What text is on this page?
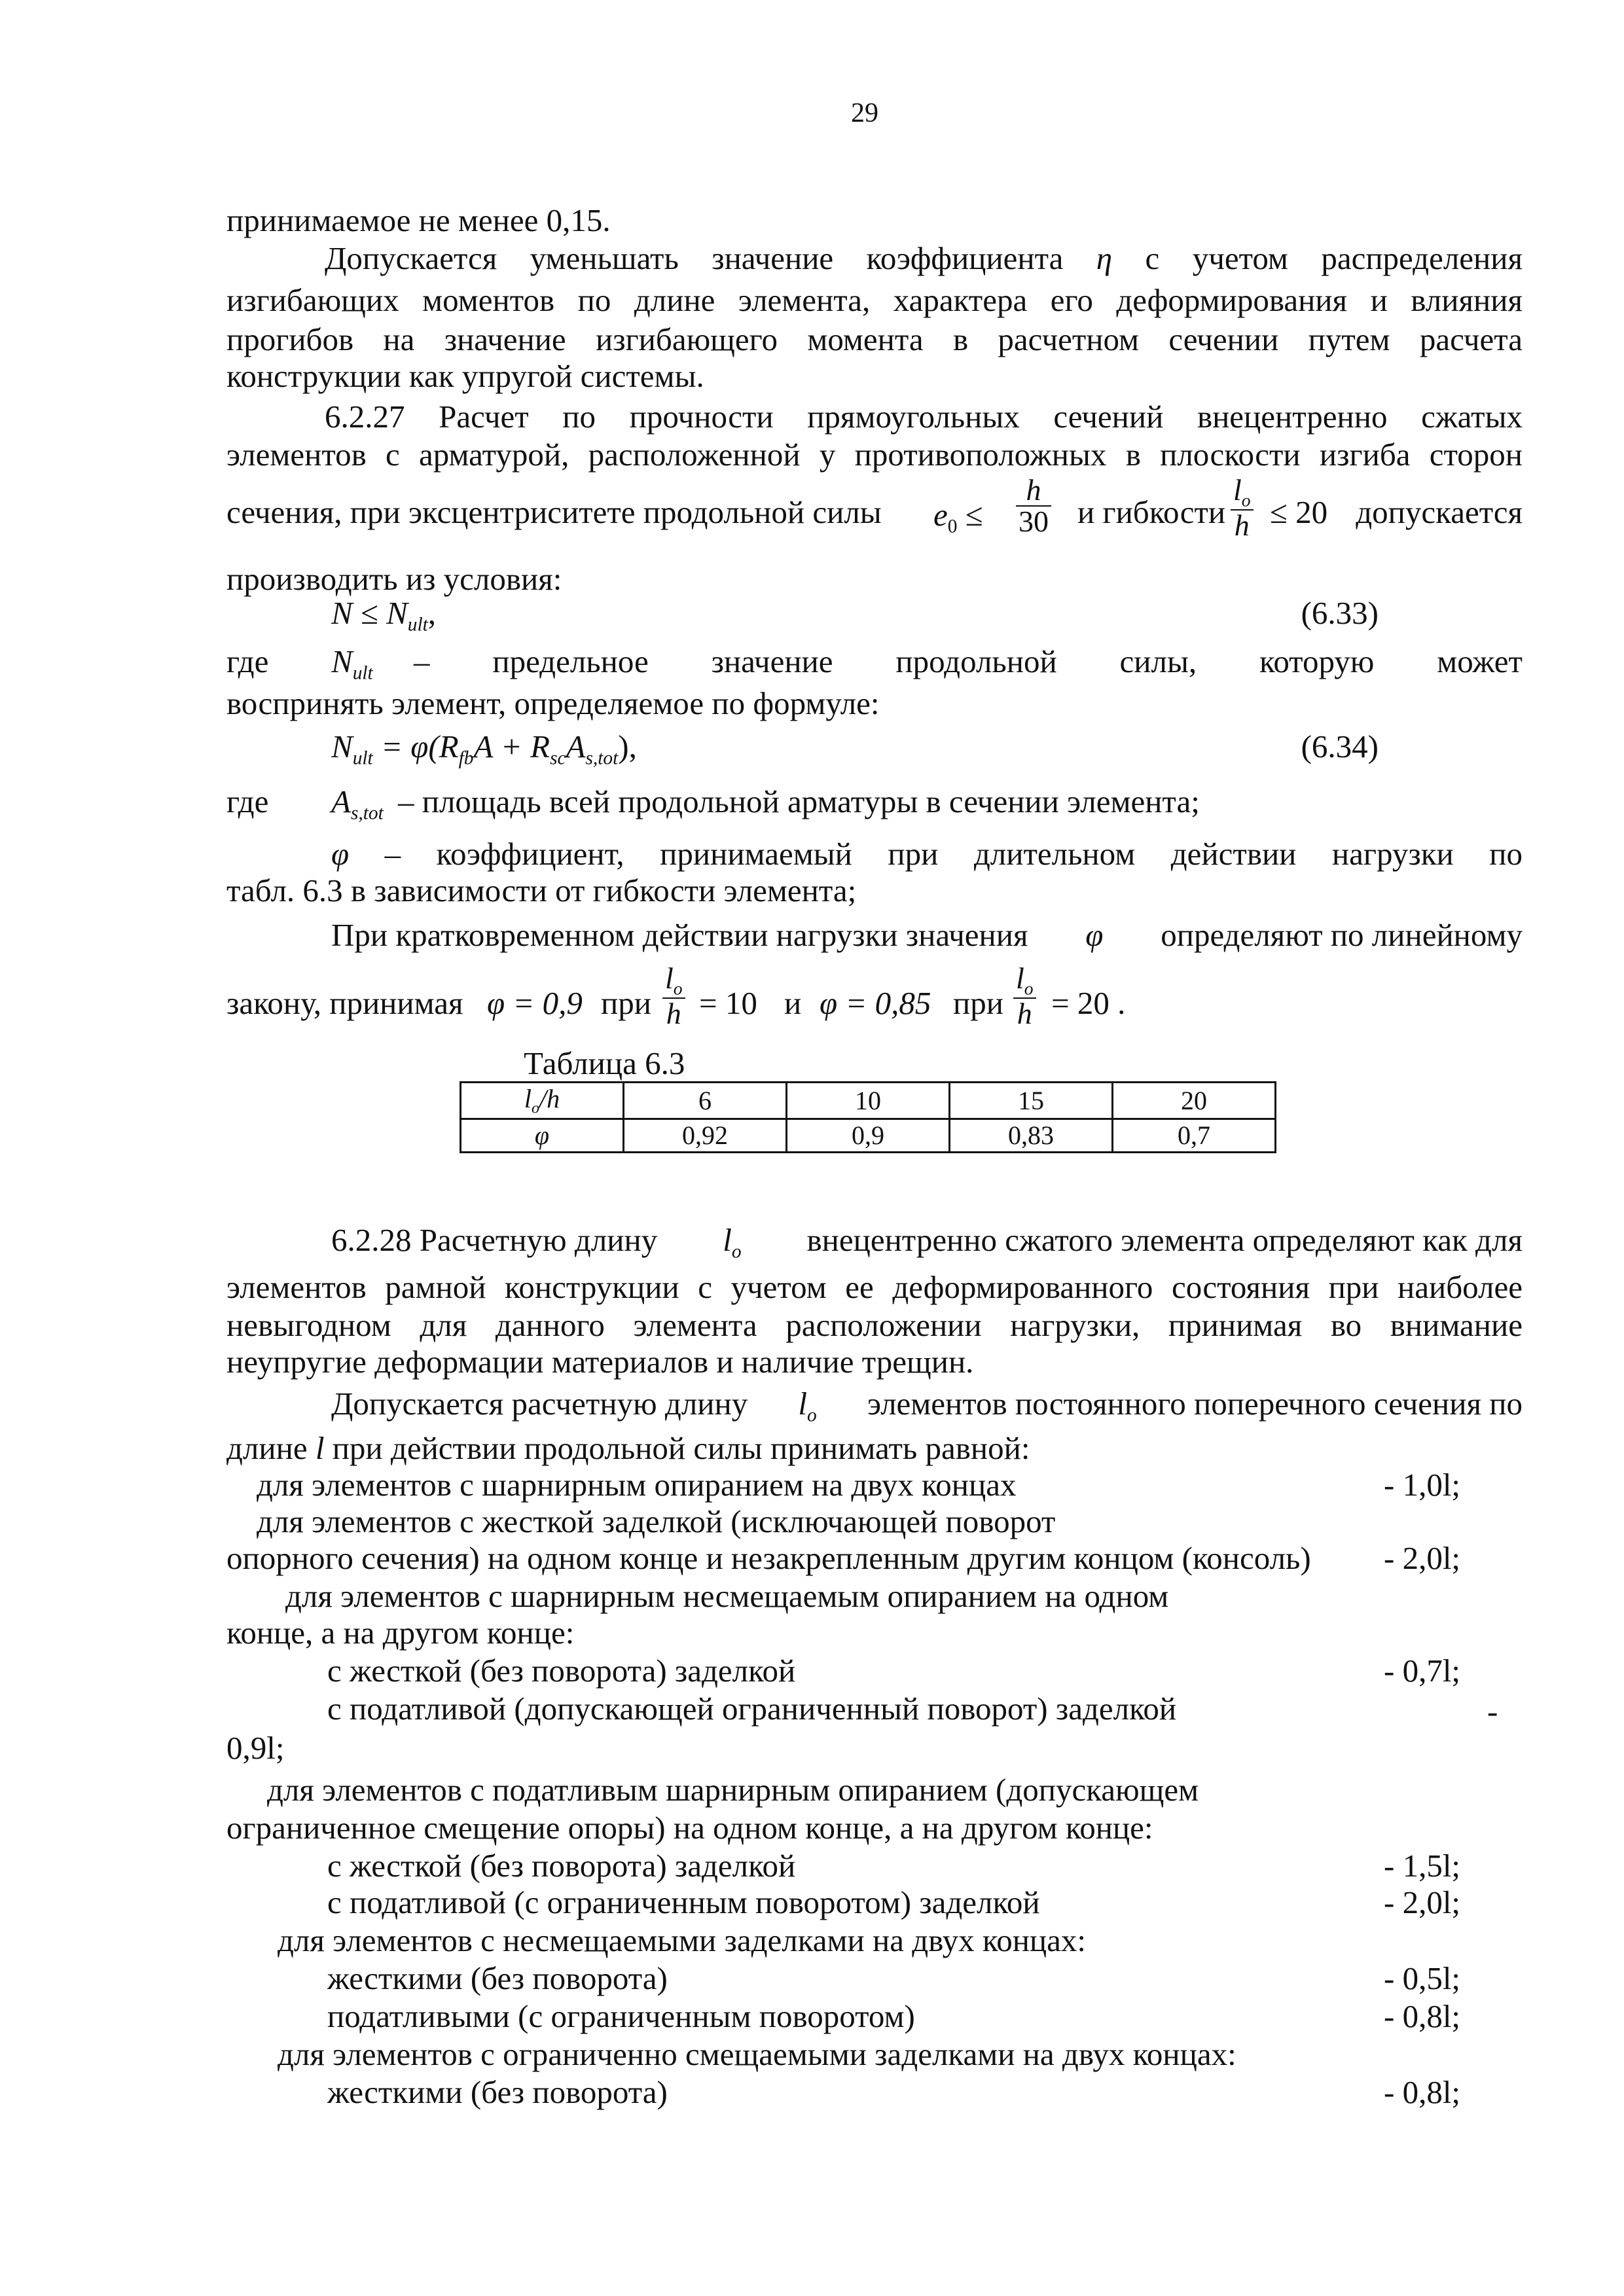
29
принимаемое не менее 0,15.
Допускается уменьшать значение коэффициента η с учетом распределения
изгибающих моментов по длине элемента, характера его деформирования и влияния
прогибов на значение изгибающего момента в расчетном сечении путем расчета
конструкции как упругой системы.
6.2.27 Расчет по прочности прямоугольных сечений внецентренно сжатых
элементов с арматурой, расположенной у противоположных в плоскости изгиба сторон
сечения, при эксцентриситете продольной силы $e_0 \le \frac{h}{30}$ и гибкости $\frac{l_o}{h} \le 20$ допускается
производить из условия:
$N \le N_{ult}$,	(6.33)
где $N_{ult}$ – предельное значение продольной силы, которую может
воспринять элемент, определяемое по формуле:
$N_{ult} = \varphi(R_{fb}A + R_{sc}A_{s,tot})$,	(6.34)
где $A_{s,tot}$ – площадь всей продольной арматуры в сечении элемента;
φ – коэффициент, принимаемый при длительном действии нагрузки по
табл. 6.3 в зависимости от гибкости элемента;
При кратковременном действии нагрузки значения φ определяют по линейному
закону, принимая φ = 0,9 при $\frac{l_o}{h} = 10$ и φ = 0,85 при $\frac{l_o}{h} = 20$ .
Таблица 6.3
$l_o/h$	6	10	15	20
φ	0,92	0,9	0,83	0,7
6.2.28 Расчетную длину $l_o$ внецентренно сжатого элемента определяют как для
элементов рамной конструкции с учетом ее деформированного состояния при наиболее
невыгодном для данного элемента расположении нагрузки, принимая во внимание
неупругие деформации материалов и наличие трещин.
Допускается расчетную длину $l_o$ элементов постоянного поперечного сечения по
длине l при действии продольной силы принимать равной:
для элементов с шарнирным опиранием на двух концах	- 1,0l;
для элементов с жесткой заделкой (исключающей поворот
опорного сечения) на одном конце и незакрепленным другим концом (консоль) - 2,0l;
для элементов с шарнирным несмещаемым опиранием на одном
конце, а на другом конце:
с жесткой (без поворота) заделкой	- 0,7l;
с податливой (допускающей ограниченный поворот) заделкой	-
0,9l;
для элементов с податливым шарнирным опиранием (допускающем
ограниченное смещение опоры) на одном конце, а на другом конце:
с жесткой (без поворота) заделкой	- 1,5l;
с податливой (с ограниченным поворотом) заделкой	- 2,0l;
для элементов с несмещаемыми заделками на двух концах:
жесткими (без поворота)	- 0,5l;
податливыми (с ограниченным поворотом)	- 0,8l;
для элементов с ограниченно смещаемыми заделками на двух концах:
жесткими (без поворота)	- 0,8l;
